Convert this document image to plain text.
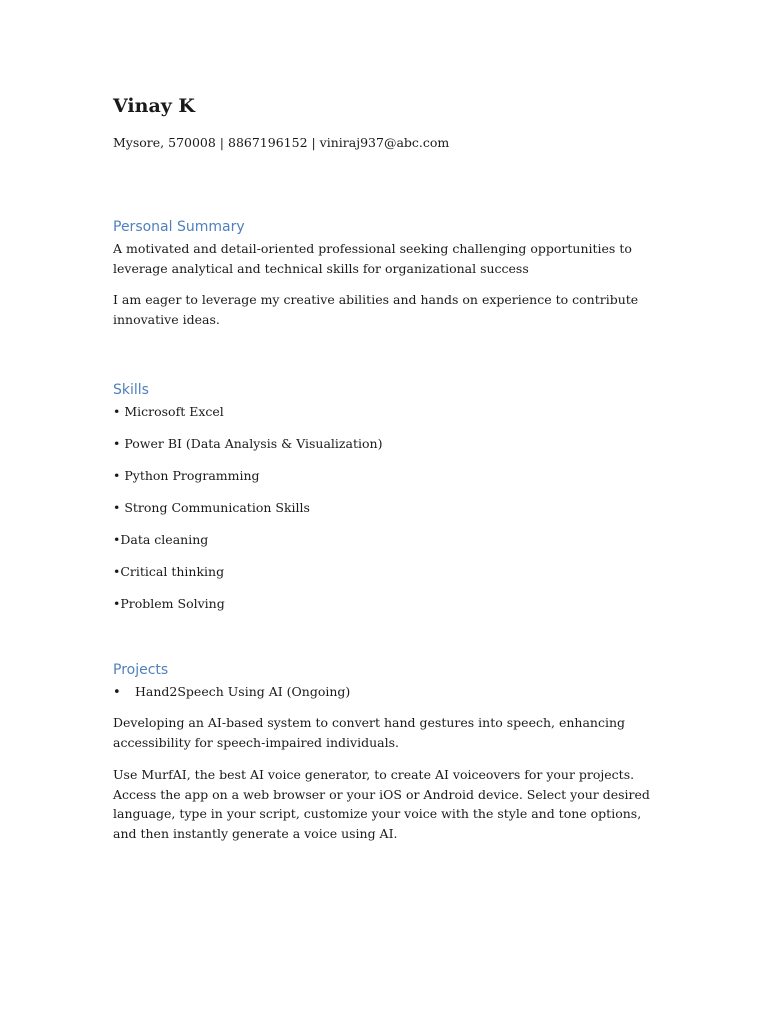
Vinay K
Mysore, 570008 | 8867196152 | viniraj937@abc.com
Personal Summary

A motivated and detail-oriented professional seeking challenging opportunities to leverage analytical and technical skills for organizational success

I am eager to leverage my creative abilities and hands on experience to contribute innovative ideas.

Skills
• Microsoft Excel
• Power BI (Data Analysis & Visualization)
• Python Programming
• Strong Communication Skills
•Data cleaning
•Critical thinking
•Problem Solving
Projects
• Hand2Speech Using AI (Ongoing)

Developing an AI-based system to convert hand gestures into speech, enhancing accessibility for speech-impaired individuals.

Use MurfAI, the best AI voice generator, to create AI voiceovers for your projects. Access the app on a web browser or your iOS or Android device. Select your desired language, type in your script, customize your voice with the style and tone options, and then instantly generate a voice using AI.
